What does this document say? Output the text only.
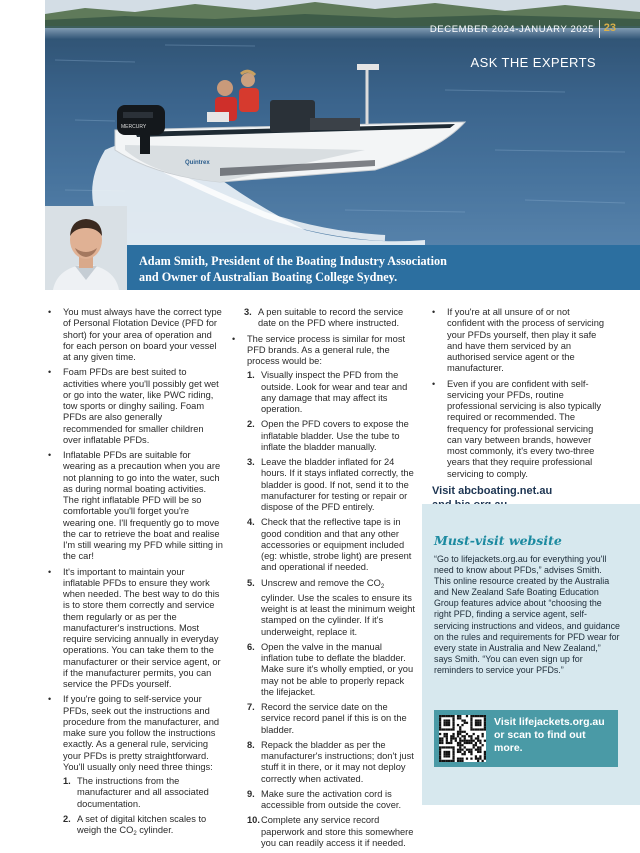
MERCURY
Quintrex
DECEMBER 2024-JANUARY 2025 23
ASK THE EXPERTS
Adam Smith, President of the Boating Industry Association
and Owner of Australian Boating College Sydney.
• You must always have the correct type of Personal Flotation Device (PFD for short) for your area of operation and for each person on board your vessel at any given time.
• Foam PFDs are best suited to activities where you'll possibly get wet or go into the water, like PWC riding, tow sports or dinghy sailing. Foam PFDs are also generally recommended for smaller children over inflatable PFDs.
• Inflatable PFDs are suitable for wearing as a precaution when you are not planning to go into the water, such as during normal boating activities. The right inflatable PFD will be so comfortable you'll forget you're wearing one. I'll frequently go to move the car to retrieve the boat and realise I'm still wearing my PFD while sitting in the car!
• It's important to maintain your inflatable PFDs to ensure they work when needed. The best way to do this is to store them correctly and service them regularly or as per the manufacturer's instructions. Most require servicing annually in everyday operations. You can take them to the manufacturer or their service agent, or if the manufacturer permits, you can service the PFDs yourself.
• If you're going to self-service your PFDs, seek out the instructions and procedure from the manufacturer, and make sure you follow the instructions exactly. As a general rule, servicing your PFDs is pretty straightforward. You'll usually only need three things:
1. The instructions from the manufacturer and all associated documentation.
2. A set of digital kitchen scales to weigh the $CO_2$ cylinder.
3. A pen suitable to record the service date on the PFD where instructed.
• The service process is similar for most PFD brands. As a general rule, the process would be:
1. Visually inspect the PFD from the outside. Look for wear and tear and any damage that may affect its operation.
2. Open the PFD covers to expose the inflatable bladder. Use the tube to inflate the bladder manually.
3. Leave the bladder inflated for 24 hours. If it stays inflated correctly, the bladder is good. If not, send it to the manufacturer for testing or repair or dispose of the PFD entirely.
4. Check that the reflective tape is in good condition and that any other accessories or equipment included (eg: whistle, strobe light) are present and operational if needed.
5. Unscrew and remove the $CO_2$ cylinder. Use the scales to ensure its weight is at least the minimum weight stamped on the cylinder. If it's underweight, replace it.
6. Open the valve in the manual inflation tube to deflate the bladder. Make sure it's wholly emptied, or you may not be able to properly repack the lifejacket.
7. Record the service date on the service record panel if this is on the bladder.
8. Repack the bladder as per the manufacturer's instructions; don't just stuff it in there, or it may not deploy correctly when activated.
9. Make sure the activation cord is accessible from outside the cover.
10. Complete any service record paperwork and store this somewhere you can readily access it if needed.
• If you're at all unsure of or not confident with the process of servicing your PFDs yourself, then play it safe and have them serviced by an authorised service agent or the manufacturer.
• Even if you are confident with self-servicing your PFDs, routine professional servicing is also typically required or recommended. The frequency for professional servicing can vary between brands, however most commonly, it's every two-three years that they require professional servicing to comply.
Visit abcboating.net.au
Must-visit website
“Go to lifejackets.org.au for everything you'll need to know about PFDs,” advises Smith. This online resource created by the Australia and New Zealand Safe Boating Education Group features advice about “choosing the right PFD, finding a service agent, self-servicing instructions and videos, and guidance on the rules and requirements for PFD wear for every state in Australia and New Zealand,” says Smith. “You can even sign up for reminders to service your PFDs.”
Visit lifejackets.org.au or scan to find out more.
